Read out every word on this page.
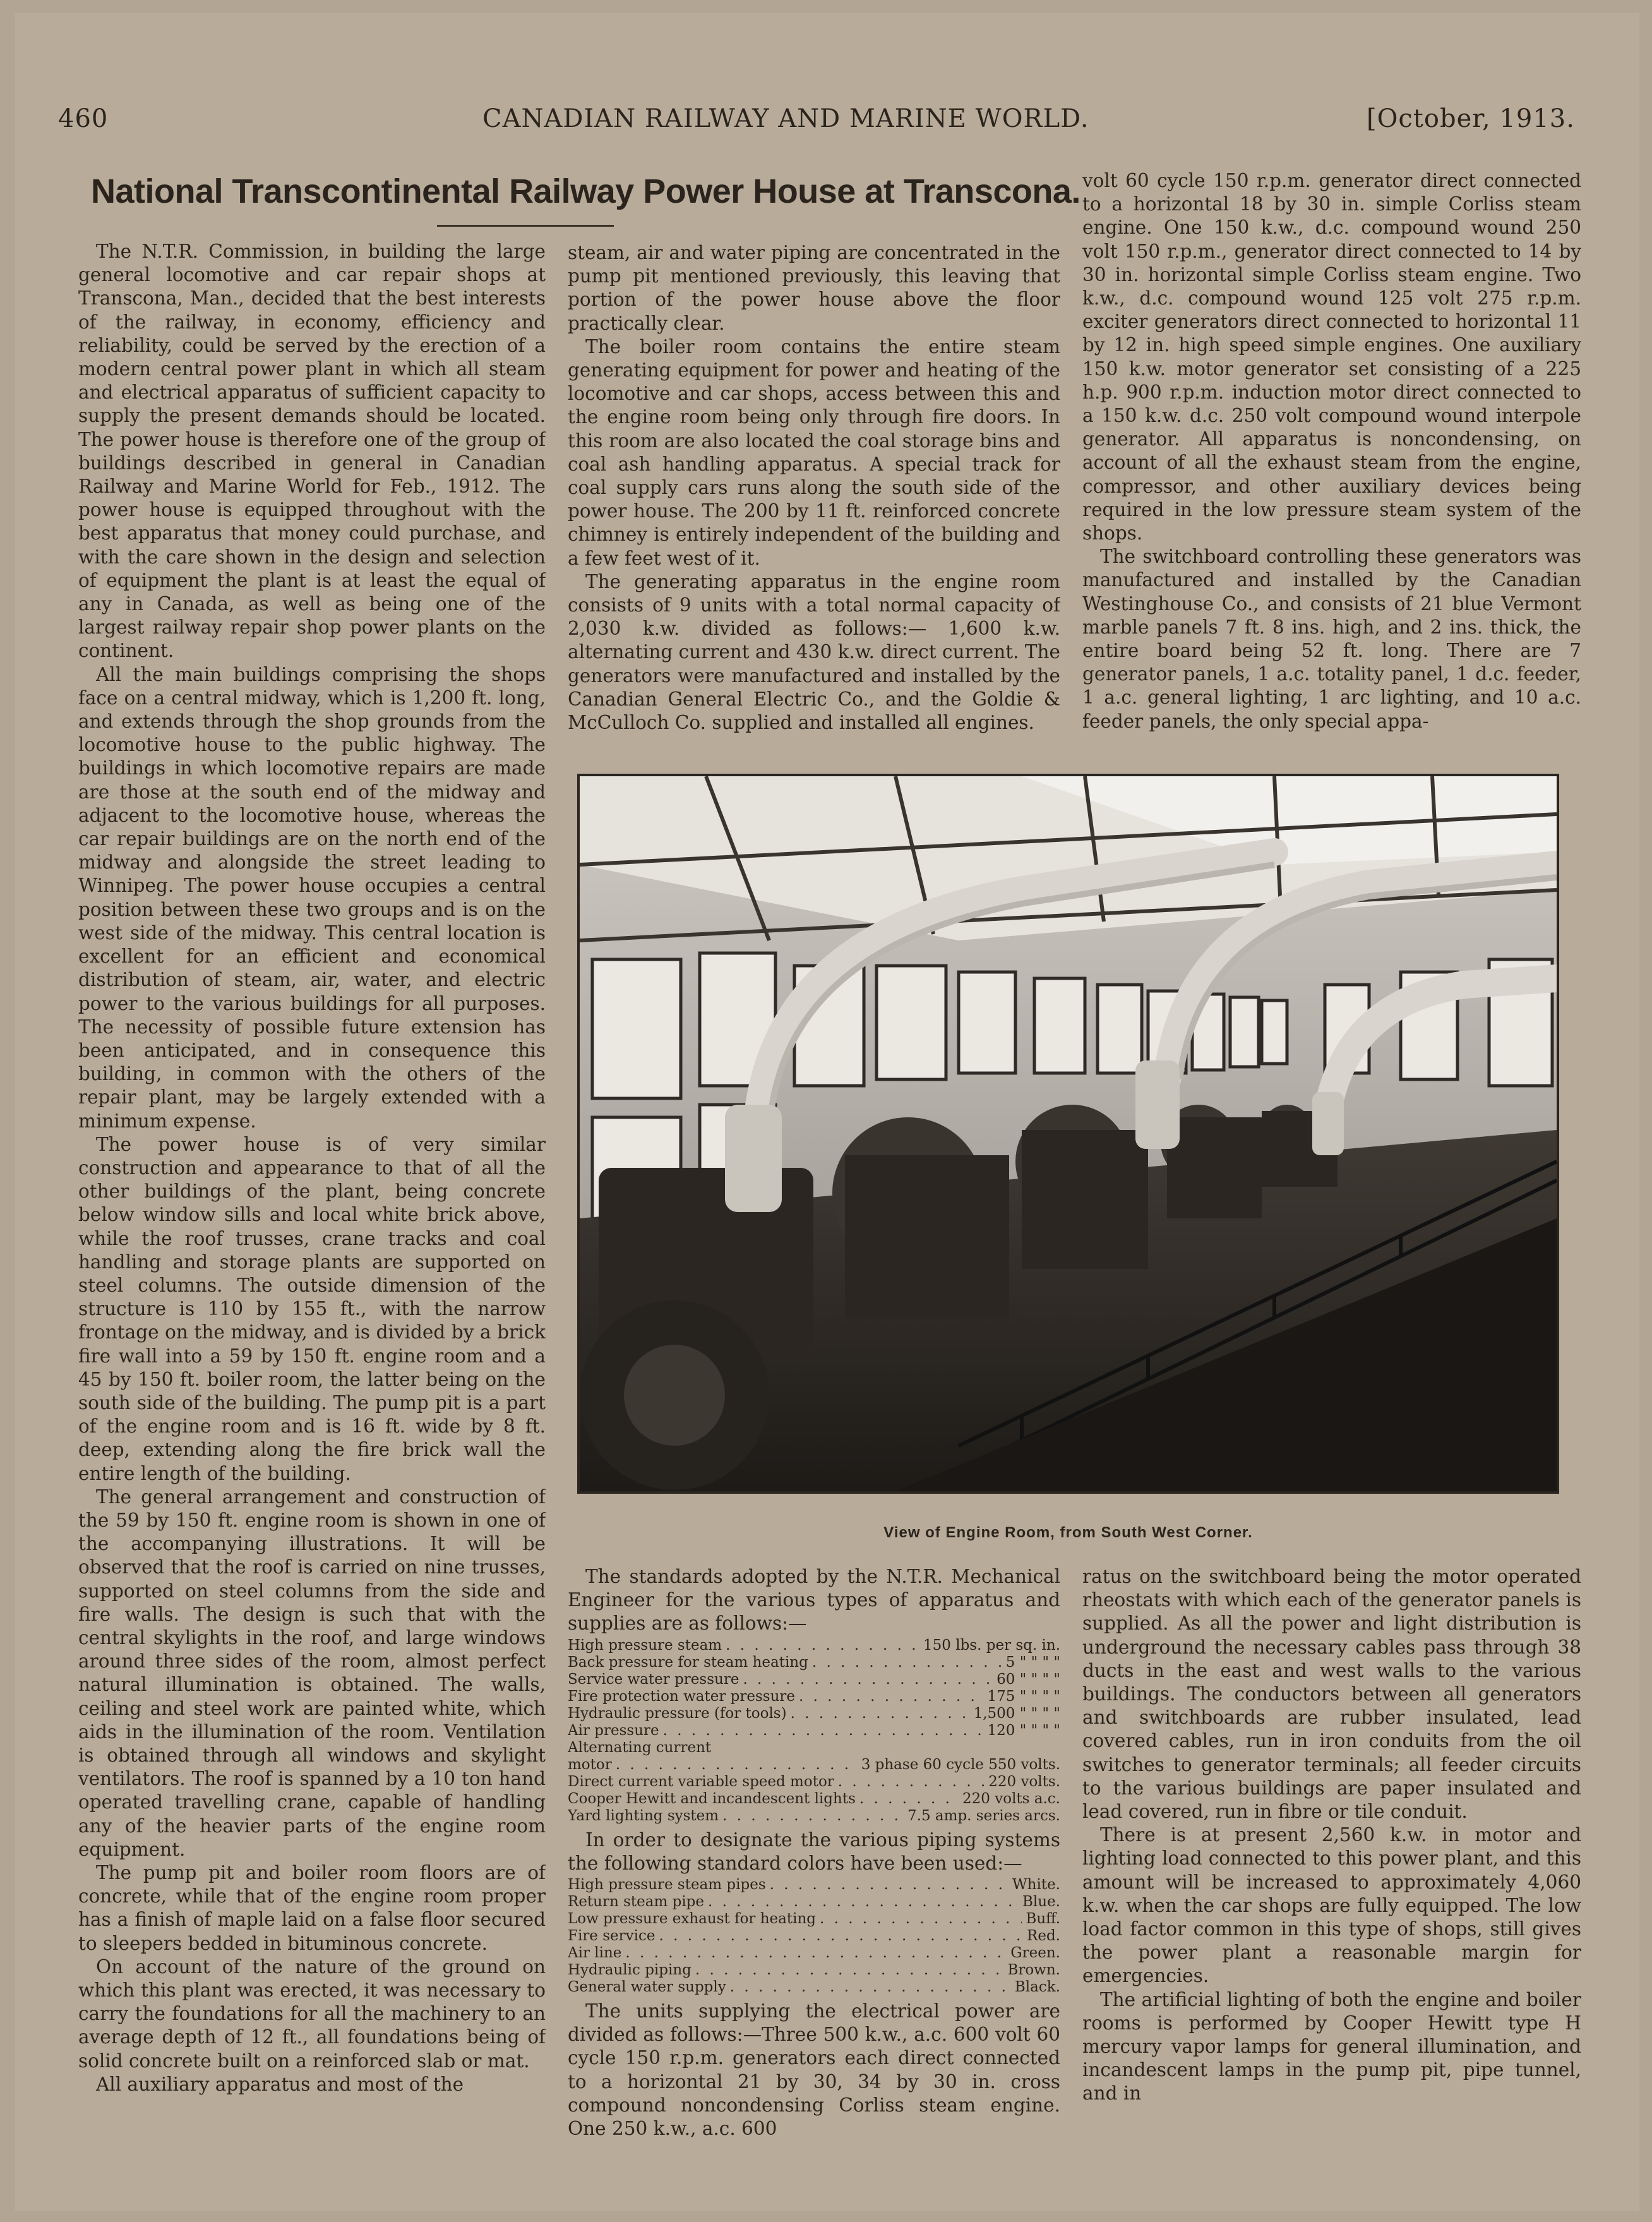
460	CANADIAN RAILWAY AND MARINE WORLD.	[October, 1913.
National Transcontinental Railway Power House at Transcona.

The N.T.R. Commission, in building the large general locomotive and car repair shops at Transcona, Man., decided that the best interests of the railway, in economy, efficiency and reliability, could be served by the erection of a modern central power plant in which all steam and electrical apparatus of sufficient capacity to supply the present demands should be located. The power house is therefore one of the group of buildings described in general in Canadian Railway and Marine World for Feb., 1912. The power house is equipped throughout with the best apparatus that money could purchase, and with the care shown in the design and selection of equipment the plant is at least the equal of any in Canada, as well as being one of the largest railway repair shop power plants on the continent.

All the main buildings comprising the shops face on a central midway, which is 1,200 ft. long, and extends through the shop grounds from the locomotive house to the public highway. The buildings in which locomotive repairs are made are those at the south end of the midway and adjacent to the locomotive house, whereas the car repair buildings are on the north end of the midway and alongside the street leading to Winnipeg. The power house occupies a central position between these two groups and is on the west side of the midway. This central location is excellent for an efficient and economical distribution of steam, air, water, and electric power to the various buildings for all purposes. The necessity of possible future extension has been anticipated, and in consequence this building, in common with the others of the repair plant, may be largely extended with a minimum expense.

The power house is of very similar construction and appearance to that of all the other buildings of the plant, being concrete below window sills and local white brick above, while the roof trusses, crane tracks and coal handling and storage plants are supported on steel columns. The outside dimension of the structure is 110 by 155 ft., with the narrow frontage on the midway, and is divided by a brick fire wall into a 59 by 150 ft. engine room and a 45 by 150 ft. boiler room, the latter being on the south side of the building. The pump pit is a part of the engine room and is 16 ft. wide by 8 ft. deep, extending along the fire brick wall the entire length of the building.

The general arrangement and construction of the 59 by 150 ft. engine room is shown in one of the accompanying illustrations. It will be observed that the roof is carried on nine trusses, supported on steel columns from the side and fire walls. The design is such that with the central skylights in the roof, and large windows around three sides of the room, almost perfect natural illumination is obtained. The walls, ceiling and steel work are painted white, which aids in the illumination of the room. Ventilation is obtained through all windows and skylight ventilators. The roof is spanned by a 10 ton hand operated travelling crane, capable of handling any of the heavier parts of the engine room equipment.

The pump pit and boiler room floors are of concrete, while that of the engine room proper has a finish of maple laid on a false floor secured to sleepers bedded in bituminous concrete.

On account of the nature of the ground on which this plant was erected, it was necessary to carry the foundations for all the machinery to an average depth of 12 ft., all foundations being of solid concrete built on a reinforced slab or mat.

All auxiliary apparatus and most of the

steam, air and water piping are concentrated in the pump pit mentioned previously, this leaving that portion of the power house above the floor practically clear.

The boiler room contains the entire steam generating equipment for power and heating of the locomotive and car shops, access between this and the engine room being only through fire doors. In this room are also located the coal storage bins and coal ash handling apparatus. A special track for coal supply cars runs along the south side of the power house. The 200 by 11 ft. reinforced concrete chimney is entirely independent of the building and a few feet west of it.

The generating apparatus in the engine room consists of 9 units with a total normal capacity of 2,030 k.w. divided as follows:— 1,600 k.w. alternating current and 430 k.w. direct current. The generators were manufactured and installed by the Canadian General Electric Co., and the Goldie & McCulloch Co. supplied and installed all engines.

volt 60 cycle 150 r.p.m. generator direct connected to a horizontal 18 by 30 in. simple Corliss steam engine. One 150 k.w., d.c. compound wound 250 volt 150 r.p.m., generator direct connected to 14 by 30 in. horizontal simple Corliss steam engine. Two k.w., d.c. compound wound 125 volt 275 r.p.m. exciter generators direct connected to horizontal 11 by 12 in. high speed simple engines. One auxiliary 150 k.w. motor generator set consisting of a 225 h.p. 900 r.p.m. induction motor direct connected to a 150 k.w. d.c. 250 volt compound wound interpole generator. All apparatus is noncondensing, on account of all the exhaust steam from the engine, compressor, and other auxiliary devices being required in the low pressure steam system of the shops.

The switchboard controlling these generators was manufactured and installed by the Canadian Westinghouse Co., and consists of 21 blue Vermont marble panels 7 ft. 8 ins. high, and 2 ins. thick, the entire board being 52 ft. long. There are 7 generator panels, 1 a.c. totality panel, 1 d.c. feeder, 1 a.c. general lighting, 1 arc lighting, and 10 a.c. feeder panels, the only special appa-

View of Engine Room, from South West Corner.

The standards adopted by the N.T.R. Mechanical Engineer for the various types of apparatus and supplies are as follows:—

High pressure steam . . .	150 lbs. per sq. in.
Back pressure for steam heating . . .	5 " " " "
Service water pressure . . .	60 " " " "
Fire protection water pressure . . .	175 " " " "
Hydraulic pressure (for tools) . . .	1,500 " " " "
Air pressure . . .	120 " " " "
Alternating current
motor . . .	3 phase 60 cycle 550 volts.
Direct current variable speed motor . . .	220 volts.
Cooper Hewitt and incandescent lights . . .	220 volts a.c.
Yard lighting system . . .	7.5 amp. series arcs.

In order to designate the various piping systems the following standard colors have been used:—

High pressure steam pipes . . .	White.
Return steam pipe . . .	Blue.
Low pressure exhaust for heating . . .	Buff.
Fire service . . .	Red.
Air line . . .	Green.
Hydraulic piping . . .	Brown.
General water supply . . .	Black.

The units supplying the electrical power are divided as follows:—Three 500 k.w., a.c. 600 volt 60 cycle 150 r.p.m. generators each direct connected to a horizontal 21 by 30, 34 by 30 in. cross compound noncondensing Corliss steam engine. One 250 k.w., a.c. 600

ratus on the switchboard being the motor operated rheostats with which each of the generator panels is supplied. As all the power and light distribution is underground the necessary cables pass through 38 ducts in the east and west walls to the various buildings. The conductors between all generators and switchboards are rubber insulated, lead covered cables, run in iron conduits from the oil switches to generator terminals; all feeder circuits to the various buildings are paper insulated and lead covered, run in fibre or tile conduit.

There is at present 2,560 k.w. in motor and lighting load connected to this power plant, and this amount will be increased to approximately 4,060 k.w. when the car shops are fully equipped. The low load factor common in this type of shops, still gives the power plant a reasonable margin for emergencies.

The artificial lighting of both the engine and boiler rooms is performed by Cooper Hewitt type H mercury vapor lamps for general illumination, and incandescent lamps in the pump pit, pipe tunnel, and in
